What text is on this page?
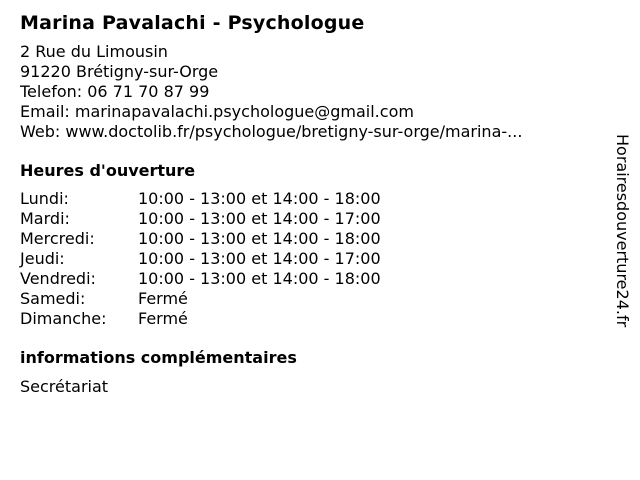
Marina Pavalachi - Psychologue
2 Rue du Limousin
91220 Brétigny-sur-Orge
Telefon: 06 71 70 87 99
Email: marinapavalachi.psychologue@gmail.com
Web: www.doctolib.fr/psychologue/bretigny-sur-orge/marina-...
Heures d'ouverture
Lundi:	10:00 - 13:00 et 14:00 - 18:00
Mardi:	10:00 - 13:00 et 14:00 - 17:00
Mercredi:	10:00 - 13:00 et 14:00 - 18:00
Jeudi:	10:00 - 13:00 et 14:00 - 17:00
Vendredi:	10:00 - 13:00 et 14:00 - 18:00
Samedi:	Fermé
Dimanche:	Fermé
informations complémentaires
Secrétariat
Horairesdouverture24.fr
